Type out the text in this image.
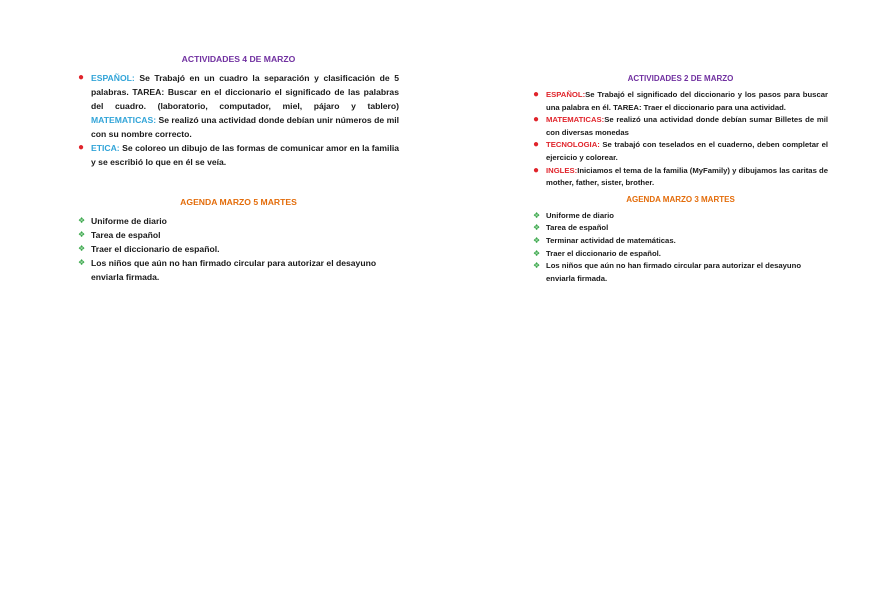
ACTIVIDADES 4 DE MARZO
● ESPAÑOL: Se Trabajó en un cuadro la separación y clasificación de 5 palabras. TAREA: Buscar en el diccionario el significado de las palabras del cuadro. (laboratorio, computador, miel, pájaro y tablero) MATEMATICAS: Se realizó una actividad donde debían unir números de mil con su nombre correcto.
● ETICA: Se coloreo un dibujo de las formas de comunicar amor en la familia y se escribió lo que en él se veía.
AGENDA MARZO 5 MARTES
❖ Uniforme de diario
❖ Tarea de español
❖ Traer el diccionario de español.
❖ Los niños que aún no han firmado circular para autorizar el desayuno enviarla firmada.
ACTIVIDADES 2 DE MARZO
● ESPAÑOL:Se Trabajó el significado del diccionario y los pasos para buscar una palabra en él. TAREA: Traer el diccionario para una actividad.
● MATEMATICAS:Se realizó una actividad donde debían sumar Billetes de mil con diversas monedas
● TECNOLOGIA: Se trabajó con teselados en el cuaderno, deben completar el ejercicio y colorear.
● INGLES:Iniciamos el tema de la familia (MyFamily) y dibujamos las caritas de mother, father, sister, brother.
AGENDA MARZO 3 MARTES
❖ Uniforme de diario
❖ Tarea de español
❖ Terminar actividad de matemáticas.
❖ Traer el diccionario de español.
❖ Los niños que aún no han firmado circular para autorizar el desayuno enviarla firmada.
